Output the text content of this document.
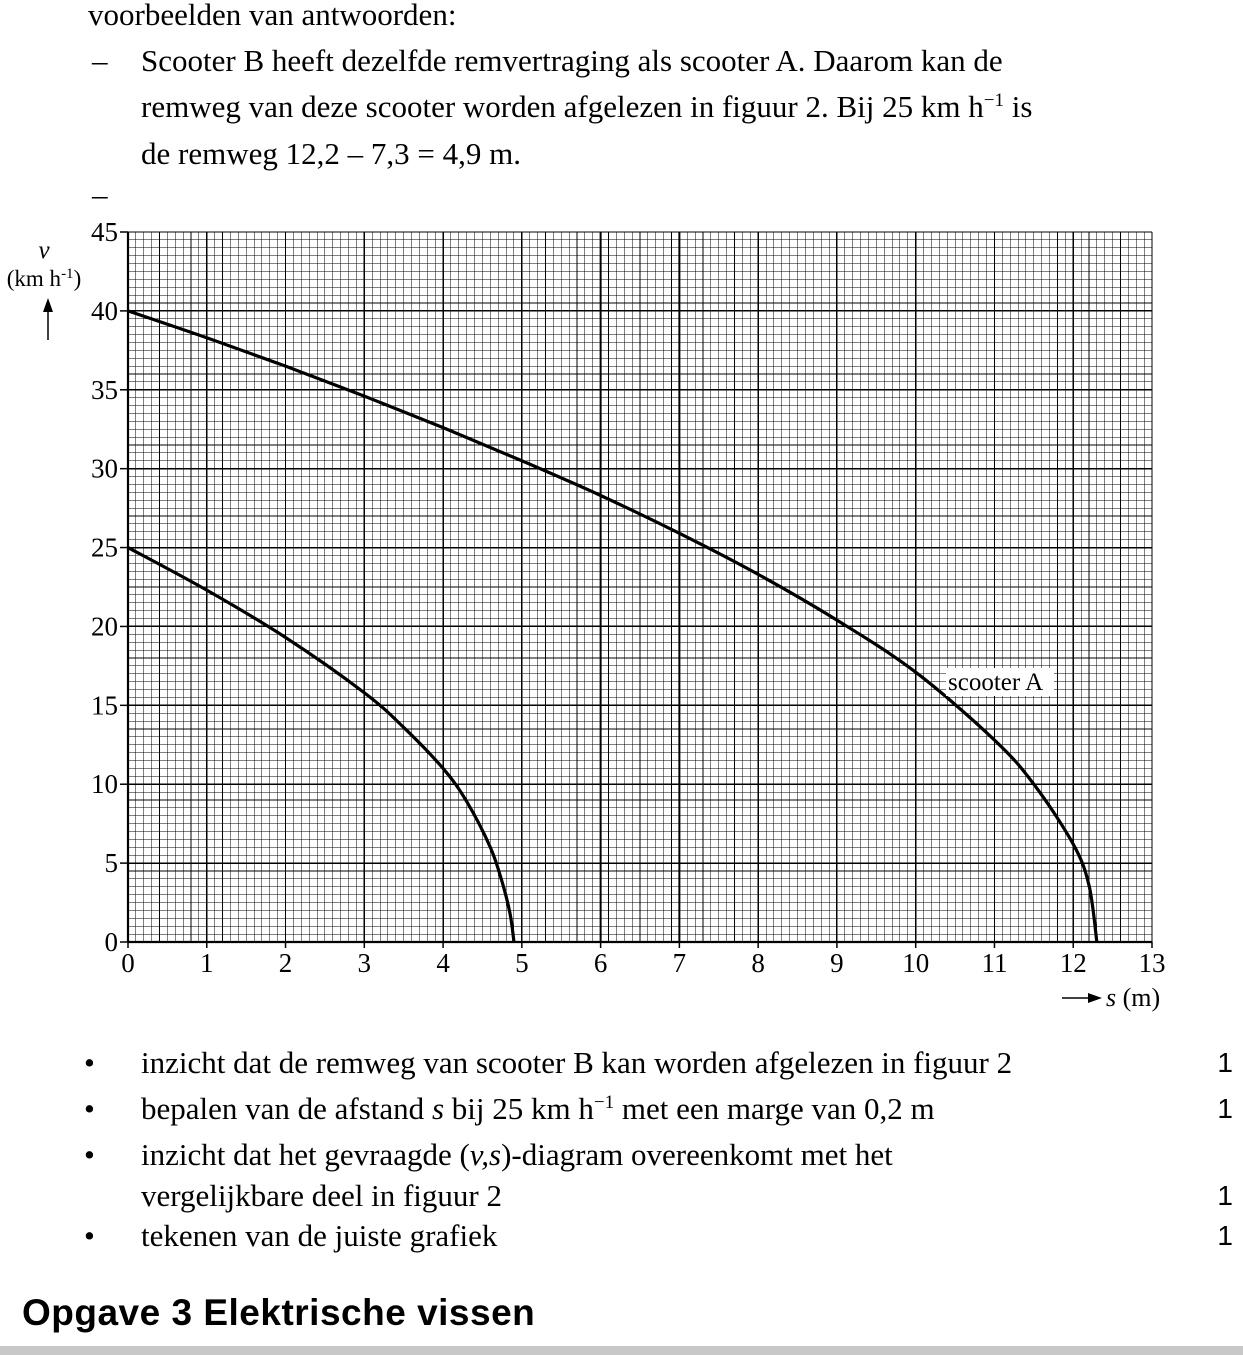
voorbeelden van antwoorden:
– Scooter B heeft dezelfde remvertraging als scooter A. Daarom kan de
remweg van deze scooter worden afgelezen in figuur 2. Bij 25 km $h^{-1}$ is
de remweg 12,2 – 7,3 = 4,9 m.
–
0
5
10
15
20
25
30
35
40
45
0 1 2 3 4 5 6 7 8 9 10 11 12 13
scooter A
v
(km $h^{-1}$)
s (m)
• inzicht dat de remweg van scooter B kan worden afgelezen in figuur 2	1
• bepalen van de afstand s bij 25 km $h^{-1}$ met een marge van 0,2 m	1
• inzicht dat het gevraagde (v,s)-diagram overeenkomt met het
vergelijkbare deel in figuur 2	1
• tekenen van de juiste grafiek	1
Opgave 3 Elektrische vissen
